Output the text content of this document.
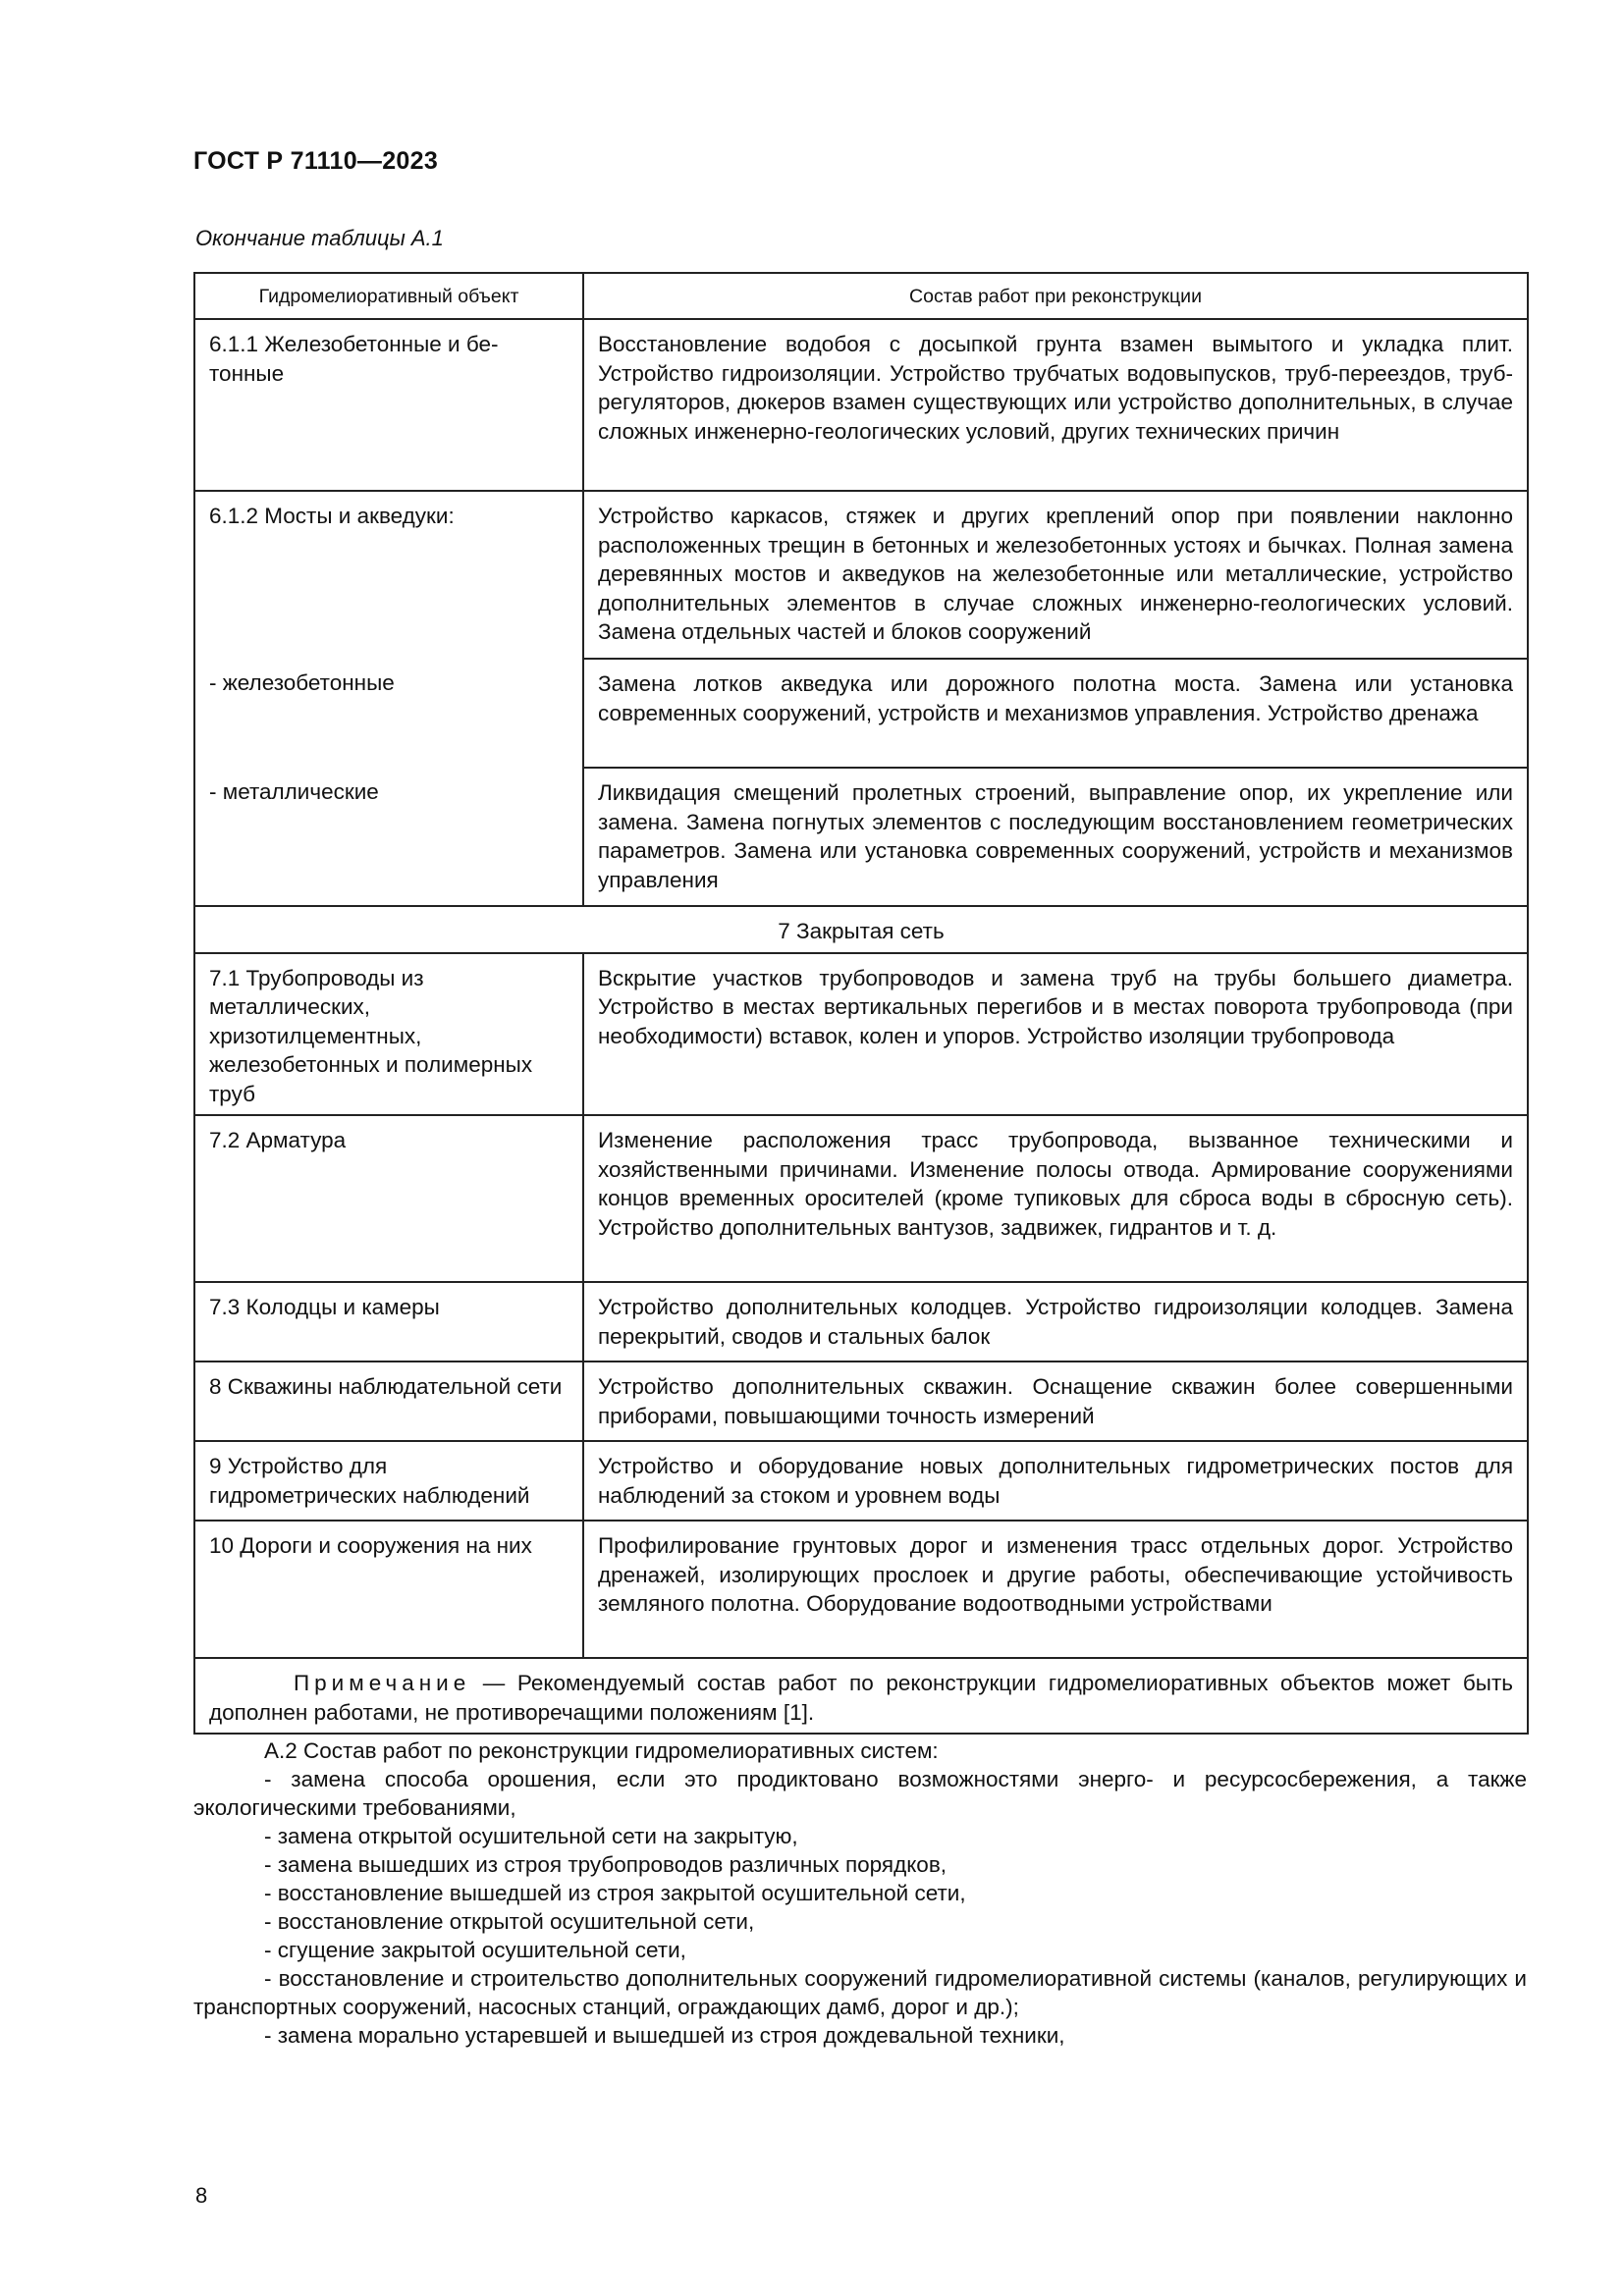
ГОСТ Р 71110—2023
Окончание таблицы А.1
Гидромелиоративный объект	Состав работ при реконструкции
6.1.1 Железобетонные и бе-тонные	Восстановление водобоя с досыпкой грунта взамен вымытого и укладка плит. Устройство гидроизоляции. Устройство трубчатых водовыпусков, труб-переездов, труб-регуляторов, дюкеров взамен существующих или устройство дополнительных, в случае сложных инженерно-геологических условий, других технических причин
6.1.2 Мосты и акведуки:	Устройство каркасов, стяжек и других креплений опор при появлении наклонно расположенных трещин в бетонных и железобетонных устоях и бычках. Полная замена деревянных мостов и акведуков на железобетонные или металлические, устройство дополнительных элементов в случае сложных инженерно-геологических условий. Замена отдельных частей и блоков сооружений
- железобетонные	Замена лотков акведука или дорожного полотна моста. Замена или установка современных сооружений, устройств и механизмов управления. Устройство дренажа
- металлические	Ликвидация смещений пролетных строений, выправление опор, их укрепление или замена. Замена погнутых элементов с последующим восстановлением геометрических параметров. Замена или установка современных сооружений, устройств и механизмов управления
7 Закрытая сеть	
7.1 Трубопроводы из металлических, хризотилцементных, железобетонных и полимерных труб	Вскрытие участков трубопроводов и замена труб на трубы большего диаметра. Устройство в местах вертикальных перегибов и в местах поворота трубопровода (при необходимости) вставок, колен и упоров. Устройство изоляции трубопровода
7.2 Арматура	Изменение расположения трасс трубопровода, вызванное техническими и хозяйственными причинами. Изменение полосы отвода. Армирование сооружениями концов временных оросителей (кроме тупиковых для сброса воды в сбросную сеть). Устройство дополнительных вантузов, задвижек, гидрантов и т. д.
7.3 Колодцы и камеры	Устройство дополнительных колодцев. Устройство гидроизоляции колодцев. Замена перекрытий, сводов и стальных балок
8 Скважины наблюдательной сети	Устройство дополнительных скважин. Оснащение скважин более совершенными приборами, повышающими точность измерений
9 Устройство для гидрометрических наблюдений	Устройство и оборудование новых дополнительных гидрометрических постов для наблюдений за стоком и уровнем воды
10 Дороги и сооружения на них	Профилирование грунтовых дорог и изменения трасс отдельных дорог. Устройство дренажей, изолирующих прослоек и другие работы, обеспечивающие устойчивость земляного полотна. Оборудование водоотводными устройствами
Примечание — Рекомендуемый состав работ по реконструкции гидромелиоративных объектов может быть дополнен работами, не противоречащими положениям [1].	

А.2 Состав работ по реконструкции гидромелиоративных систем:

- замена способа орошения, если это продиктовано возможностями энерго- и ресурсосбережения, а также экологическими требованиями,

- замена открытой осушительной сети на закрытую,

- замена вышедших из строя трубопроводов различных порядков,

- восстановление вышедшей из строя закрытой осушительной сети,

- восстановление открытой осушительной сети,

- сгущение закрытой осушительной сети,

- восстановление и строительство дополнительных сооружений гидромелиоративной системы (каналов, регулирующих и транспортных сооружений, насосных станций, ограждающих дамб, дорог и др.);

- замена морально устаревшей и вышедшей из строя дождевальной техники,

8
